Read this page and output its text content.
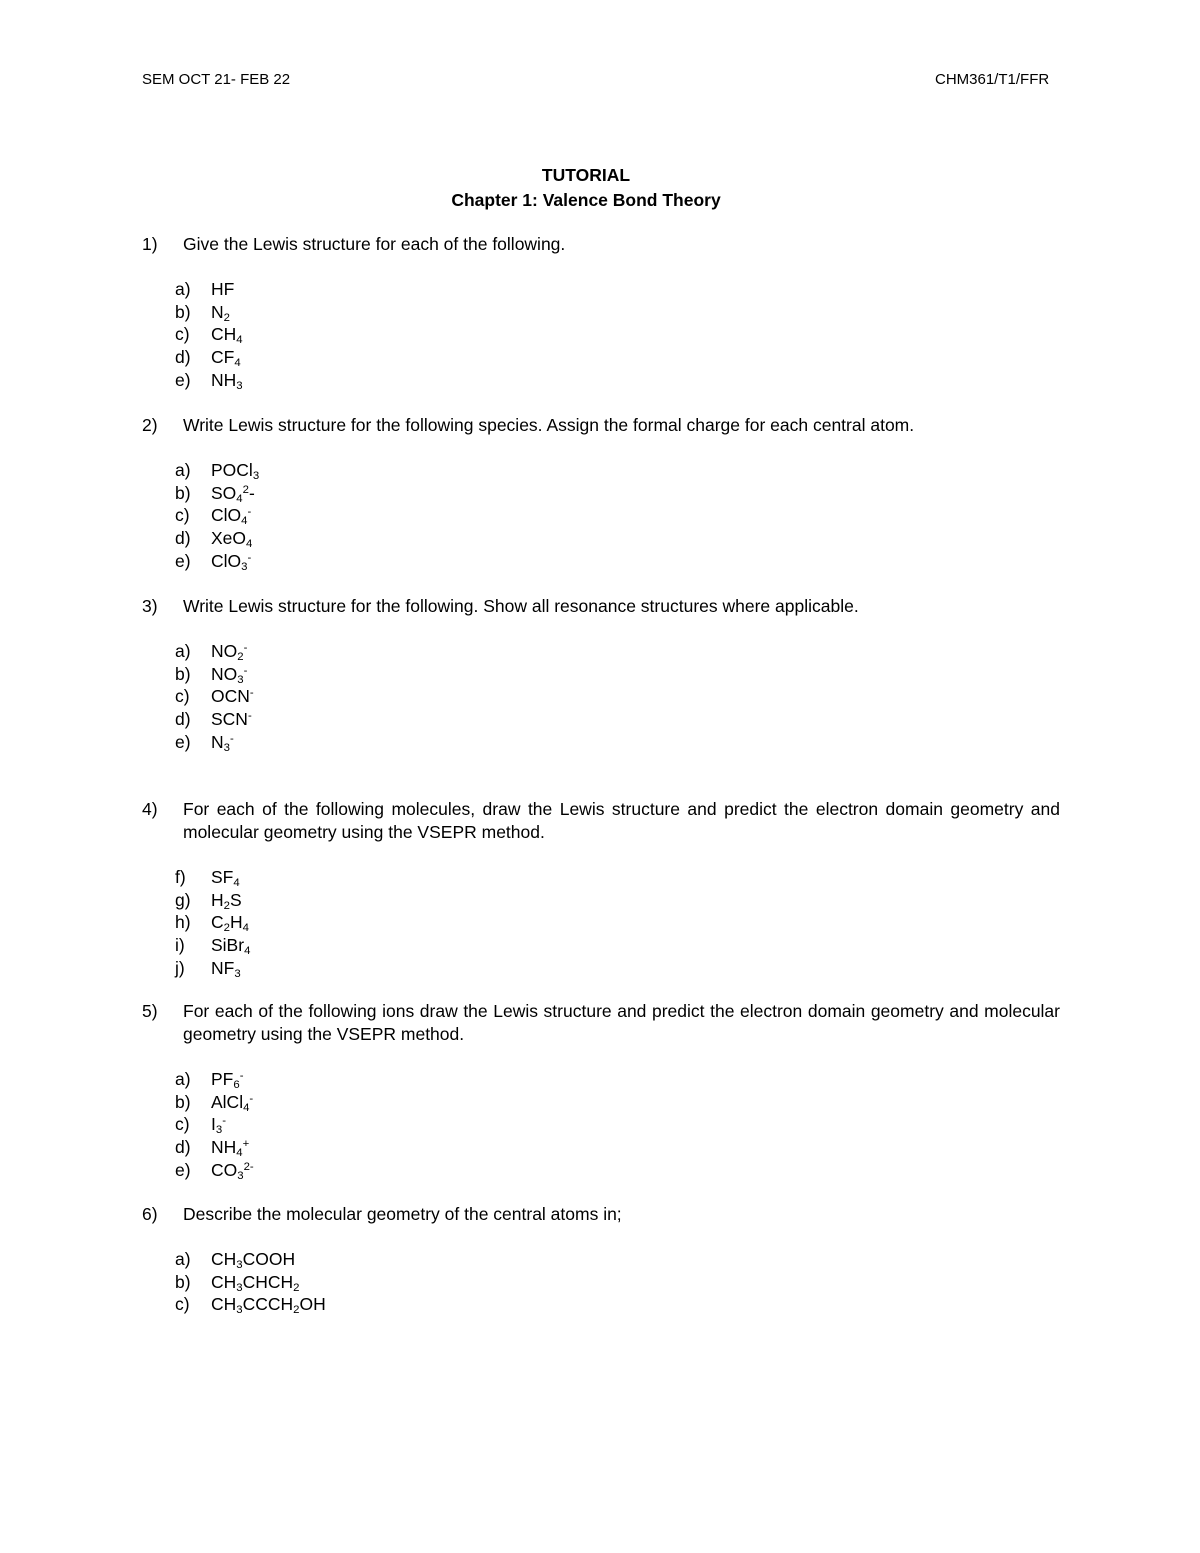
SEM OCT 21- FEB 22	CHM361/T1/FFR
TUTORIAL
Chapter 1: Valence Bond Theory
1)	Give the Lewis structure for each of the following.
a)	HF
b)	$N_2$
c)	$CH_4$
d)	$CF_4$
e)	$NH_3$
2)	Write Lewis structure for the following species. Assign the formal charge for each central atom.
a)	POCl$_3$
b)	$SO_4^2-$
c)	ClO$_4$-
d)	XeO$_4$
e)	ClO$_3$-
3)	Write Lewis structure for the following. Show all resonance structures where applicable.
a)	$NO_2^-$
b)	$NO_3^-$
c)	OCN-
d)	SCN-
e)	$N_3^-$
4)	For each of the following molecules, draw the Lewis structure and predict the electron domain geometry and molecular geometry using the VSEPR method.
f)	$SF_4$
g)	$H_2S$
h)	$C_2H_4$
i)	SiBr$_4$
j)	$NF_3$
5)	For each of the following ions draw the Lewis structure and predict the electron domain geometry and molecular geometry using the VSEPR method.
a)	$PF_6^-$
b)	AlCl$_4$-
c)	$I_3^-$
d)	$NH_4^+$
e)	$CO_3^{2-}$
6)	Describe the molecular geometry of the central atoms in;
a)	$CH_3COOH$
b)	$CH_3CHCH_2$
c)	$CH_3CCCH_2OH$
